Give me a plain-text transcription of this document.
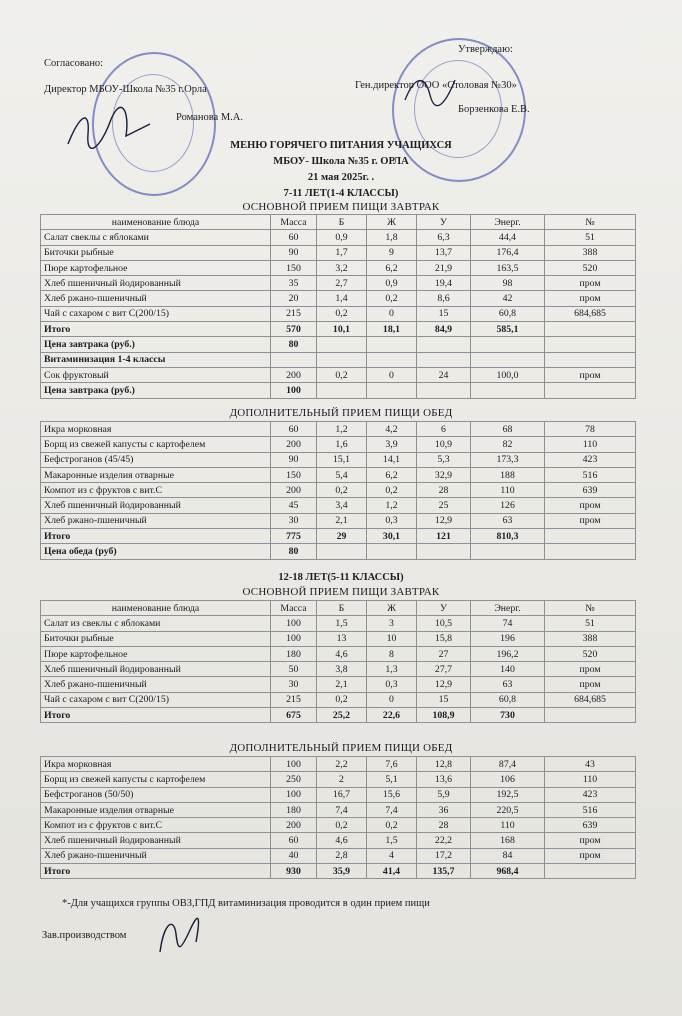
Согласовано:
Утверждаю:
Директор МБОУ-Школа №35 г.Орла	Ген.директор ООО «Столовая №30»
Романова М.А.
Борзенкова Е.В.
МЕНЮ ГОРЯЧЕГО ПИТАНИЯ УЧАЩИХСЯ
МБОУ- Школа №35 г. ОРЛА
21 мая 2025г. .
7-11 ЛЕТ(1-4 КЛАССЫ)
ОСНОВНОЙ ПРИЕМ ПИЩИ ЗАВТРАК
наименование блюда	Масса	Б	Ж	У	Энерг.	№
Салат свеклы с яблоками	60	0,9	1,8	6,3	44,4	51
Биточки рыбные	90	1,7	9	13,7	176,4	388
Пюре картофельное	150	3,2	6,2	21,9	163,5	520
Хлеб пшеничный йодированный	35	2,7	0,9	19,4	98	пром
Хлеб ржано-пшеничный	20	1,4	0,2	8,6	42	пром
Чай с сахаром с вит С(200/15)	215	0,2	0	15	60,8	684,685
Итого	570	10,1	18,1	84,9	585,1	
Цена завтрака (руб.)	80					
Витаминизация 1-4 классы						
Сок фруктовый	200	0,2	0	24	100,0	пром
Цена завтрака (руб.)	100					
ДОПОЛНИТЕЛЬНЫЙ ПРИЕМ ПИЩИ ОБЕД
Икра морковная	60	1,2	4,2	6	68	78
Борщ из свежей капусты с картофелем	200	1,6	3,9	10,9	82	110
Бефстроганов (45/45)	90	15,1	14,1	5,3	173,3	423
Макаронные изделия отварные	150	5,4	6,2	32,9	188	516
Компот из с фруктов с вит.С	200	0,2	0,2	28	110	639
Хлеб пшеничный йодированный	45	3,4	1,2	25	126	пром
Хлеб ржано-пшеничный	30	2,1	0,3	12,9	63	пром
Итого	775	29	30,1	121	810,3	
Цена обеда (руб)	80					
12-18 ЛЕТ(5-11 КЛАССЫ)
ОСНОВНОЙ ПРИЕМ ПИЩИ ЗАВТРАК
наименование блюда	Масса	Б	Ж	У	Энерг.	№
Салат из свеклы с яблоками	100	1,5	3	10,5	74	51
Биточки рыбные	100	13	10	15,8	196	388
Пюре картофельное	180	4,6	8	27	196,2	520
Хлеб пшеничный йодированный	50	3,8	1,3	27,7	140	пром
Хлеб ржано-пшеничный	30	2,1	0,3	12,9	63	пром
Чай с сахаром с вит С(200/15)	215	0,2	0	15	60,8	684,685
Итого	675	25,2	22,6	108,9	730	
ДОПОЛНИТЕЛЬНЫЙ ПРИЕМ ПИЩИ ОБЕД
Икра морковная	100	2,2	7,6	12,8	87,4	43
Борщ из свежей капусты с картофелем	250	2	5,1	13,6	106	110
Бефстроганов (50/50)	100	16,7	15,6	5,9	192,5	423
Макаронные изделия отварные	180	7,4	7,4	36	220,5	516
Компот из с фруктов с вит.С	200	0,2	0,2	28	110	639
Хлеб пшеничный йодированный	60	4,6	1,5	22,2	168	пром
Хлеб ржано-пшеничный	40	2,8	4	17,2	84	пром
Итого	930	35,9	41,4	135,7	968,4	
*-Для учащихся группы ОВЗ,ГПД витаминизация проводится в один прием пищи
Зав.производством
